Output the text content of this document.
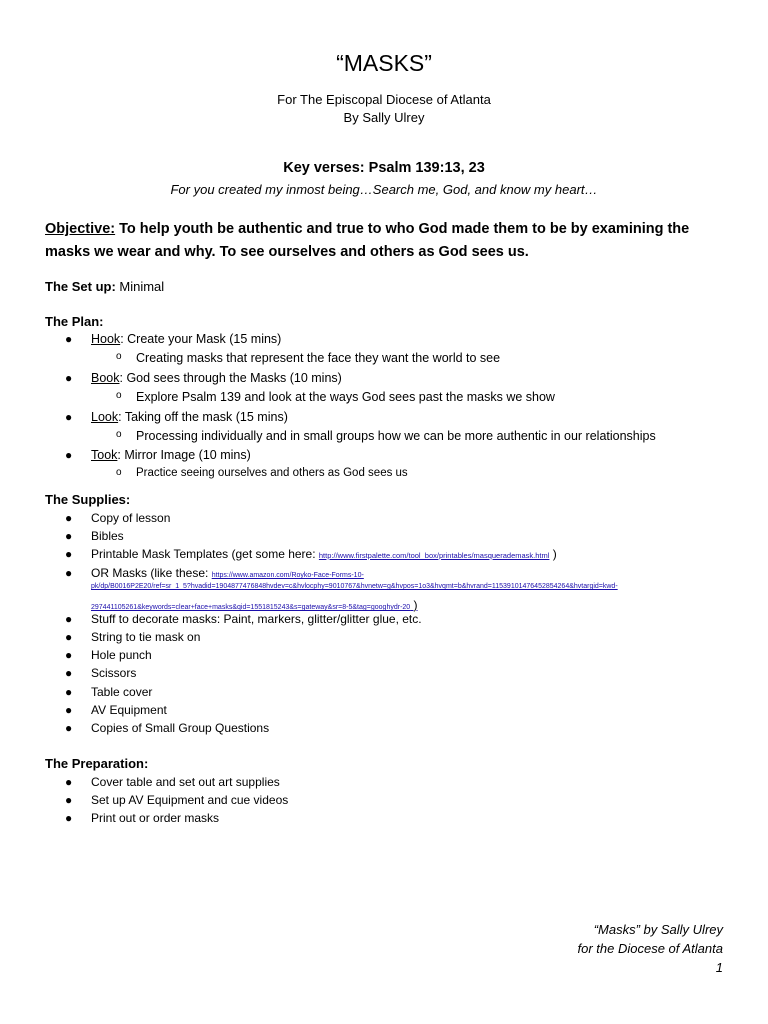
“MASKS”
For The Episcopal Diocese of Atlanta
By Sally Ulrey
Key verses: Psalm 139:13, 23
For you created my inmost being…Search me, God, and know my heart…
Objective: To help youth be authentic and true to who God made them to be by examining the masks we wear and why. To see ourselves and others as God sees us.
The Set up: Minimal
The Plan:
● Hook: Create your Mask (15 mins)
o Creating masks that represent the face they want the world to see
● Book: God sees through the Masks (10 mins)
o Explore Psalm 139 and look at the ways God sees past the masks we show
● Look: Taking off the mask (15 mins)
o Processing individually and in small groups how we can be more authentic in our relationships
● Took: Mirror Image (10 mins)
o Practice seeing ourselves and others as God sees us
The Supplies:
● Copy of lesson
● Bibles
● Printable Mask Templates (get some here: http://www.firstpalette.com/tool_box/printables/masquerademask.html )
● OR Masks (like these: https://www.amazon.com/Royko-Face-Forms-10-
pk/dp/B0016P2E20/ref=sr_1_5?hvadid=1904877476848hvdev=c&hvlocphy=9010767&hvnetw=g&hvpos=1o3&hvqmt=b&hvrand=11539101476452854264&hvtargid=kwd-
297441105261&keywords=clear+face+masks&qid=1551815243&s=gateway&sr=8-5&tag=googhydr-20 )
● Stuff to decorate masks: Paint, markers, glitter/glitter glue, etc.
● String to tie mask on
● Hole punch
● Scissors
● Table cover
● AV Equipment
● Copies of Small Group Questions
The Preparation:
● Cover table and set out art supplies
● Set up AV Equipment and cue videos
● Print out or order masks
“Masks” by Sally Ulrey
for the Diocese of Atlanta
1
